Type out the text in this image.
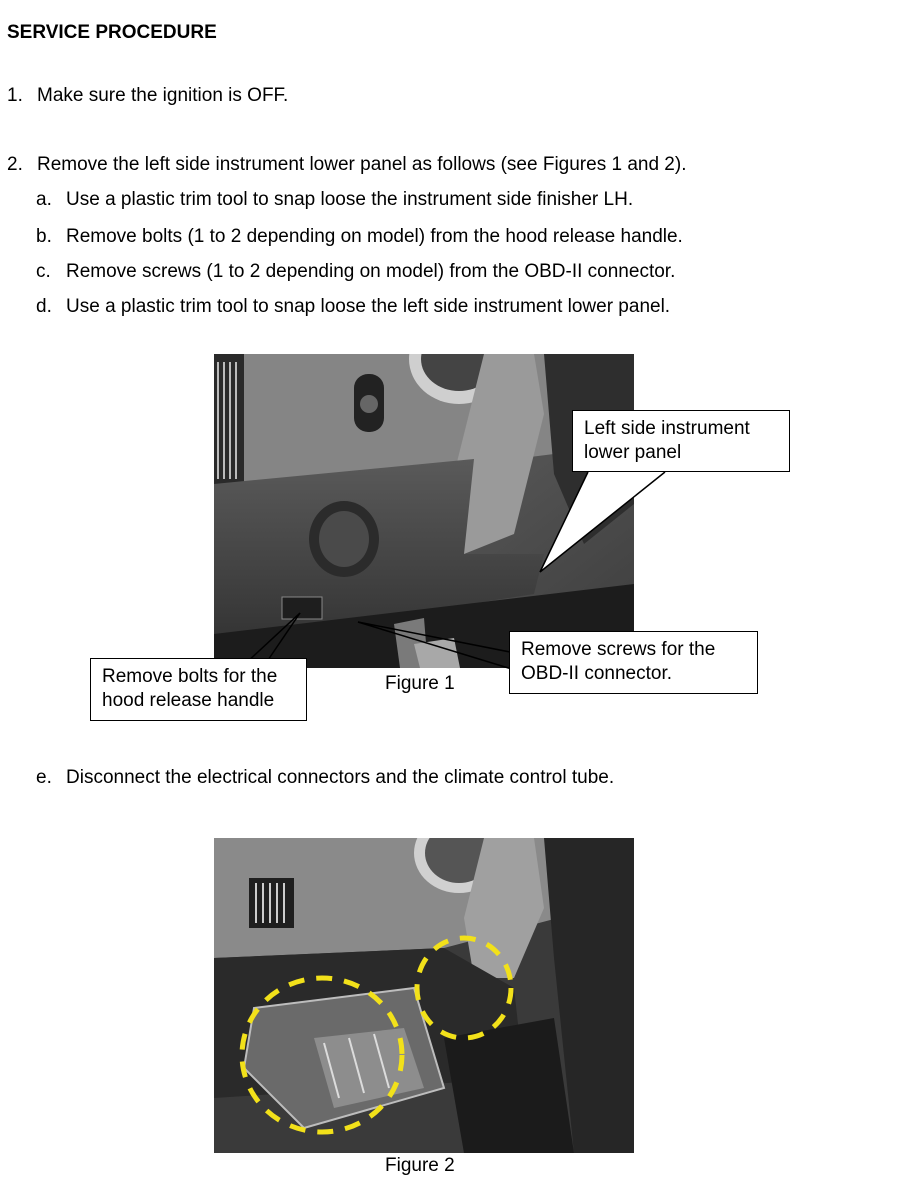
SERVICE PROCEDURE
1. Make sure the ignition is OFF.
2. Remove the left side instrument lower panel as follows (see Figures 1 and 2).
a. Use a plastic trim tool to snap loose the instrument side finisher LH.
b. Remove bolts (1 to 2 depending on model) from the hood release handle.
c. Remove screws (1 to 2 depending on model) from the OBD-II connector.
d. Use a plastic trim tool to snap loose the left side instrument lower panel.
Left side instrument
lower panel
Remove bolts for the
hood release handle
Remove screws for the
OBD-II connector.
Figure 1
e. Disconnect the electrical connectors and the climate control tube.
Figure 2
